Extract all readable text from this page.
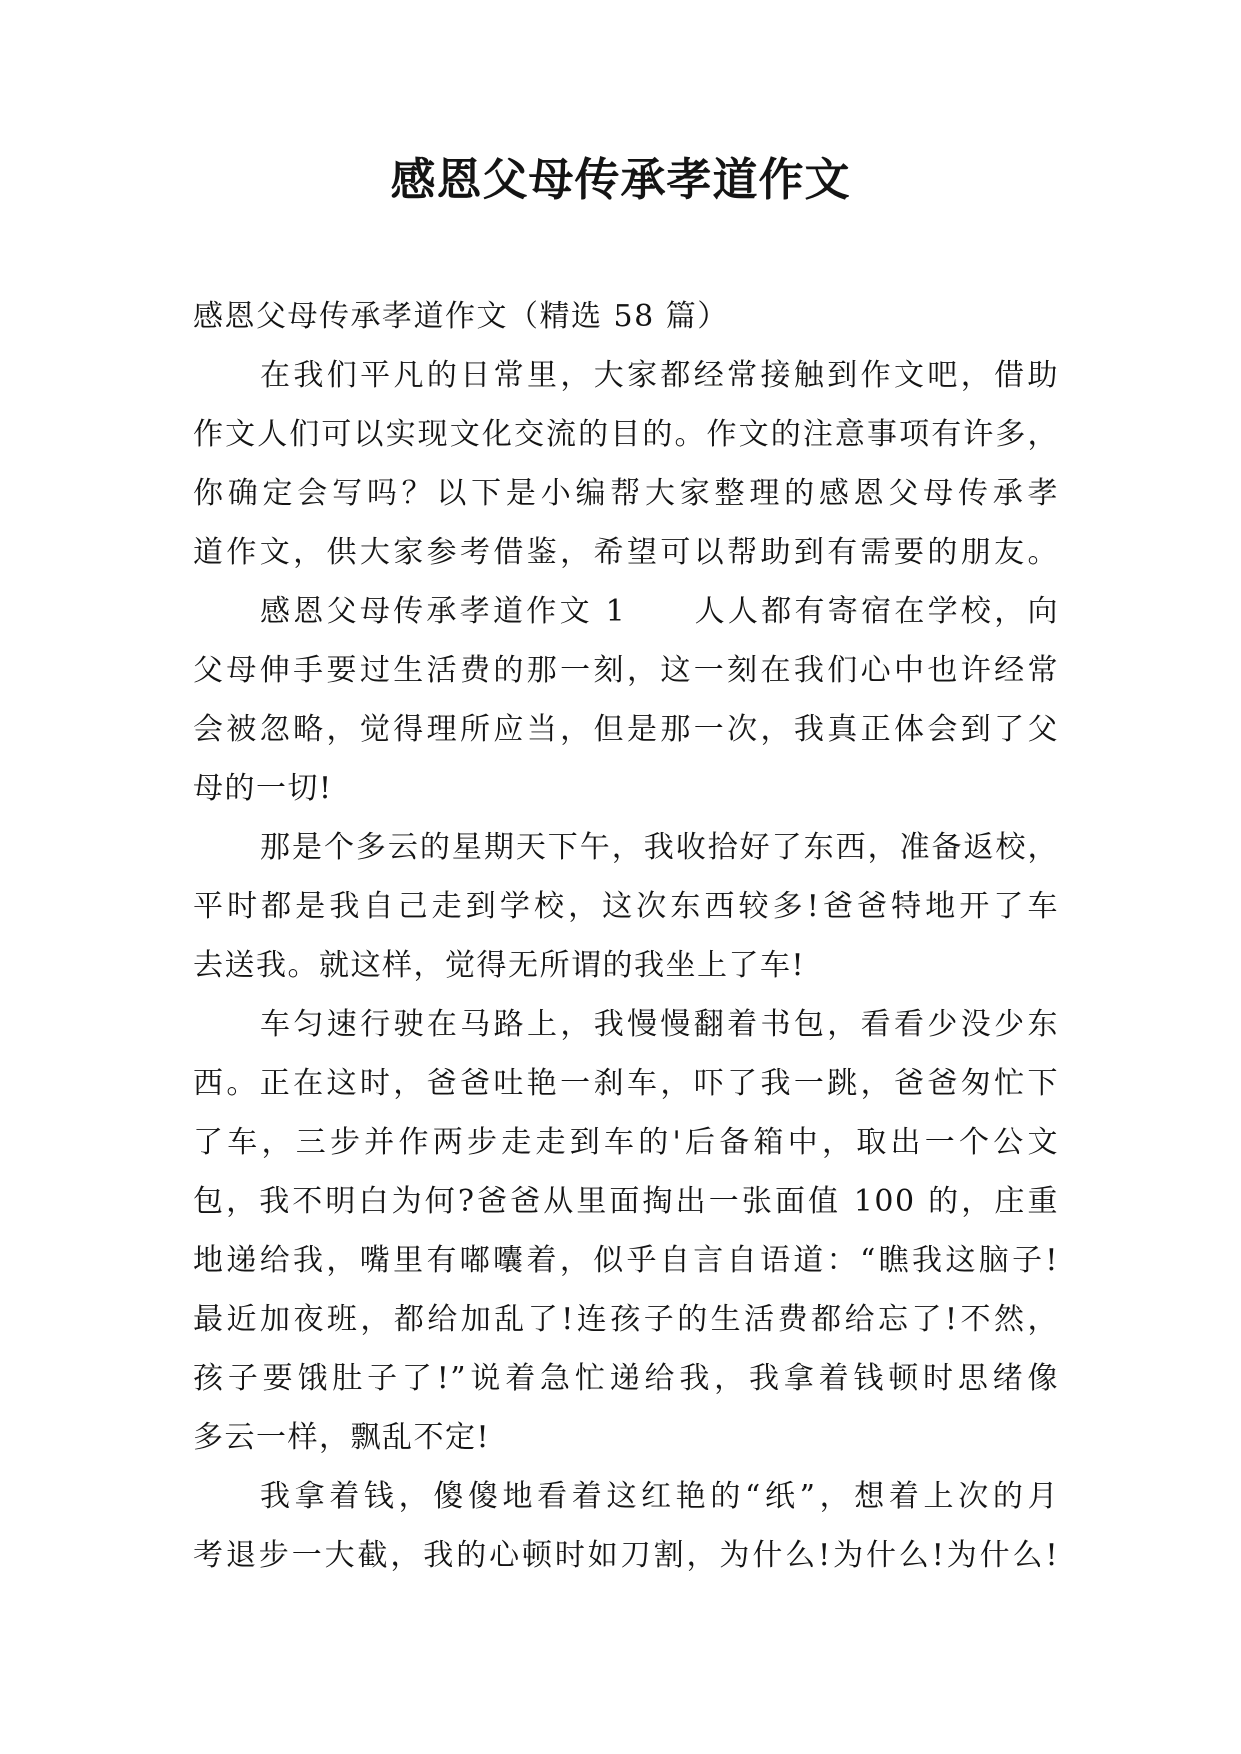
感恩父母传承孝道作文
感恩父母传承孝道作文（精选 58 篇）
在我们平凡的日常里，大家都经常接触到作文吧，借助
作文人们可以实现文化交流的目的。作文的注意事项有许多，
你确定会写吗？以下是小编帮大家整理的感恩父母传承孝
道作文，供大家参考借鉴，希望可以帮助到有需要的朋友。
感恩父母传承孝道作文 1　　人人都有寄宿在学校，向
父母伸手要过生活费的那一刻，这一刻在我们心中也许经常
会被忽略，觉得理所应当，但是那一次，我真正体会到了父
母的一切!
那是个多云的星期天下午，我收拾好了东西，准备返校，
平时都是我自己走到学校，这次东西较多!爸爸特地开了车
去送我。就这样，觉得无所谓的我坐上了车!
车匀速行驶在马路上，我慢慢翻着书包，看看少没少东
西。正在这时，爸爸吐艳一刹车，吓了我一跳，爸爸匆忙下
了车，三步并作两步走走到车的'后备箱中，取出一个公文
包，我不明白为何?爸爸从里面掏出一张面值 100 的，庄重
地递给我，嘴里有嘟囔着，似乎自言自语道：“瞧我这脑子!
最近加夜班，都给加乱了!连孩子的生活费都给忘了!不然，
孩子要饿肚子了!”说着急忙递给我，我拿着钱顿时思绪像
多云一样，飘乱不定!
我拿着钱，傻傻地看着这红艳的“纸”，想着上次的月
考退步一大截，我的心顿时如刀割，为什么!为什么!为什么!
